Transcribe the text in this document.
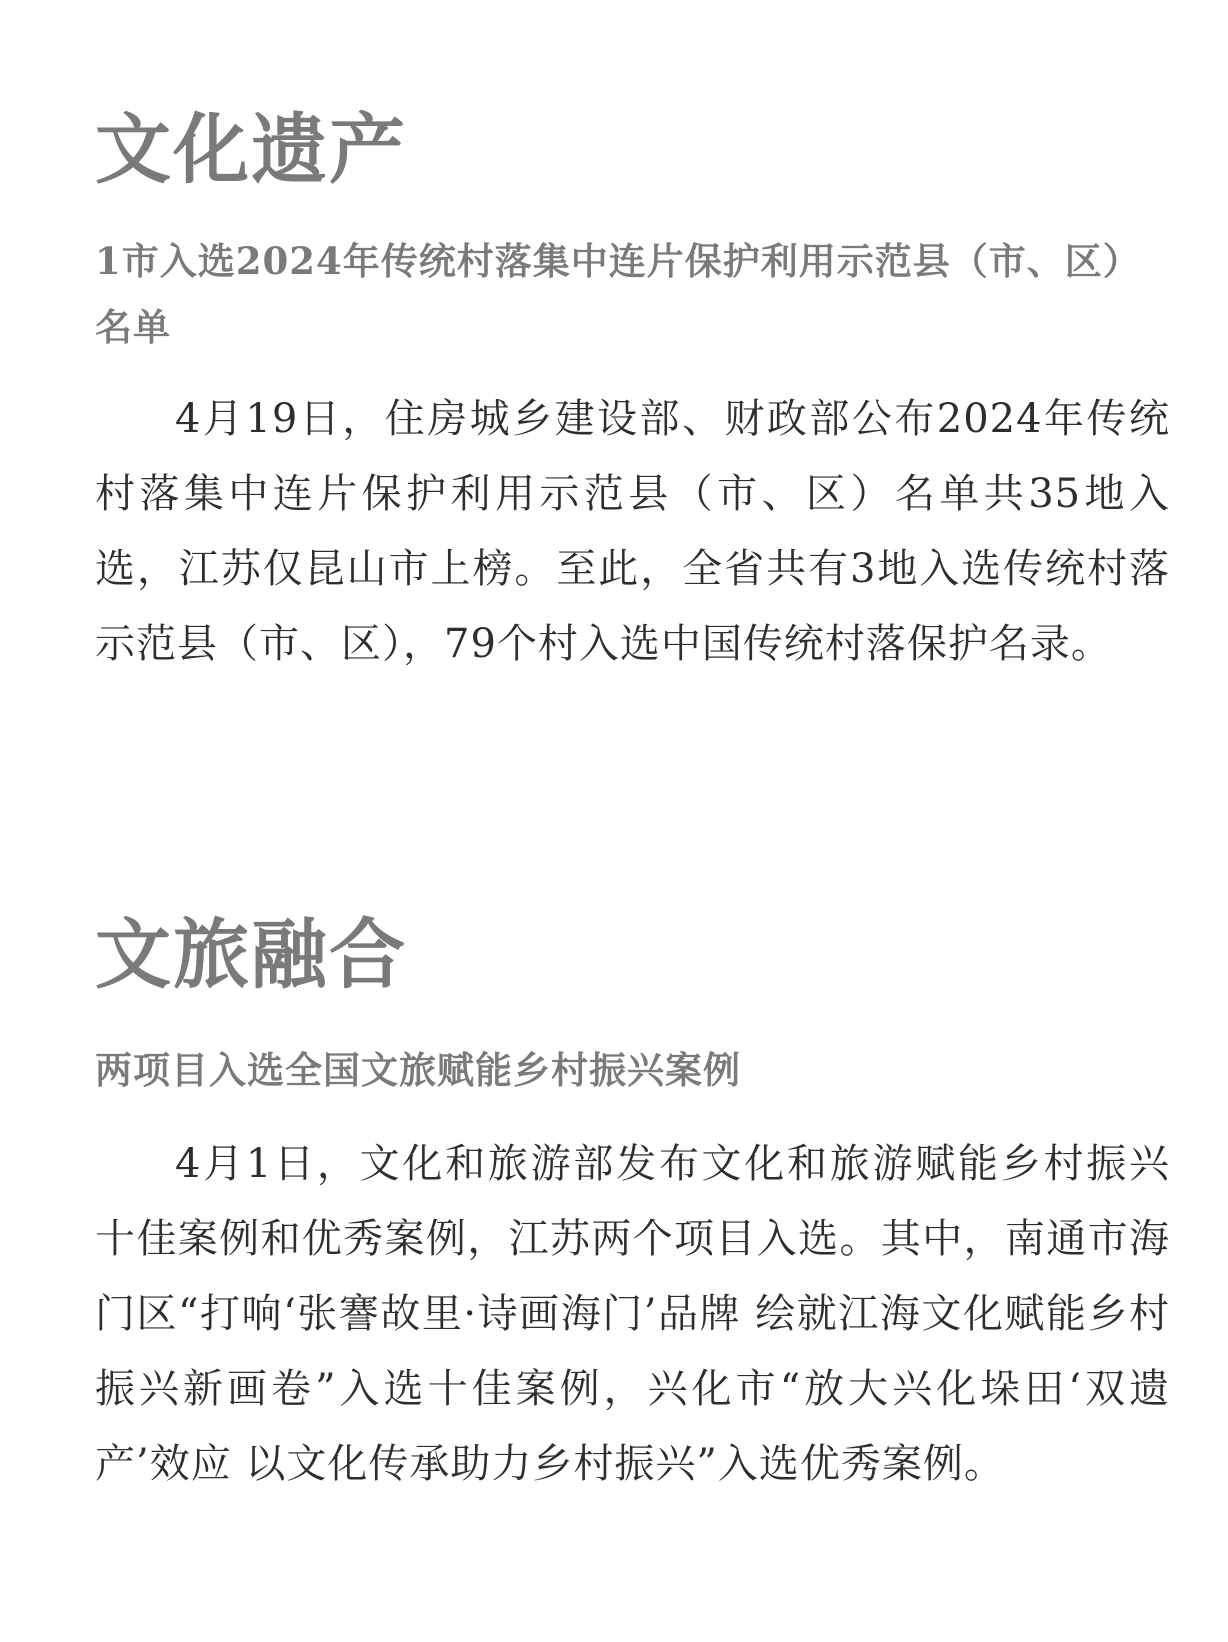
文化遗产
1市入选2024年传统村落集中连片保护利用示范县（市、区）名单

4月19日，住房城乡建设部、财政部公布2024年传统村落集中连片保护利用示范县（市、区）名单共35地入选，江苏仅昆山市上榜。至此，全省共有3地入选传统村落示范县（市、区），79个村入选中国传统村落保护名录。

文旅融合
两项目入选全国文旅赋能乡村振兴案例

4月1日，文化和旅游部发布文化和旅游赋能乡村振兴十佳案例和优秀案例，江苏两个项目入选。其中，南通市海门区“打响‘张謇故里·诗画海门’品牌 绘就江海文化赋能乡村振兴新画卷”入选十佳案例，兴化市“放大兴化垛田‘双遗产’效应 以文化传承助力乡村振兴”入选优秀案例。
